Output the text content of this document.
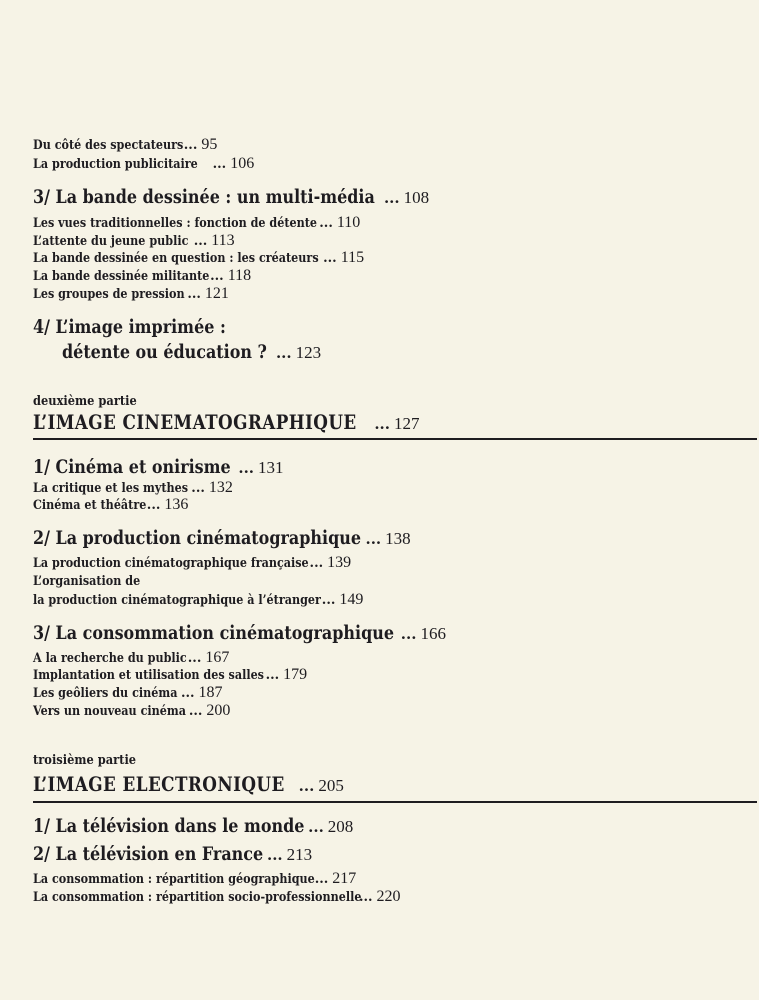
Du côté des spectateurs ... 95
La production publicitaire ... 106
3/ La bande dessinée : un multi-média ... 108
Les vues traditionnelles : fonction de détente ... 110
L’attente du jeune public ... 113
La bande dessinée en question : les créateurs ... 115
La bande dessinée militante... 118
Les groupes de pression ... 121
4/ L’image imprimée :
détente ou éducation ? ... 123
deuxième partie
L’IMAGE CINEMATOGRAPHIQUE ... 127
1/ Cinéma et onirisme ... 131
La critique et les mythes ... 132
Cinéma et théâtre... 136
2/ La production cinématographique ... 138
La production cinématographique française... 139
L’organisation de
la production cinématographique à l’étranger... 149
3/ La consommation cinématographique ... 166
A la recherche du public... 167
Implantation et utilisation des salles ... 179
Les geôliers du cinéma ... 187
Vers un nouveau cinéma ... 200
troisième partie
L’IMAGE ELECTRONIQUE ... 205
1/ La télévision dans le monde ... 208
2/ La télévision en France ... 213
La consommation : répartition géographique... 217
La consommation : répartition socio-professionnelle... 220
